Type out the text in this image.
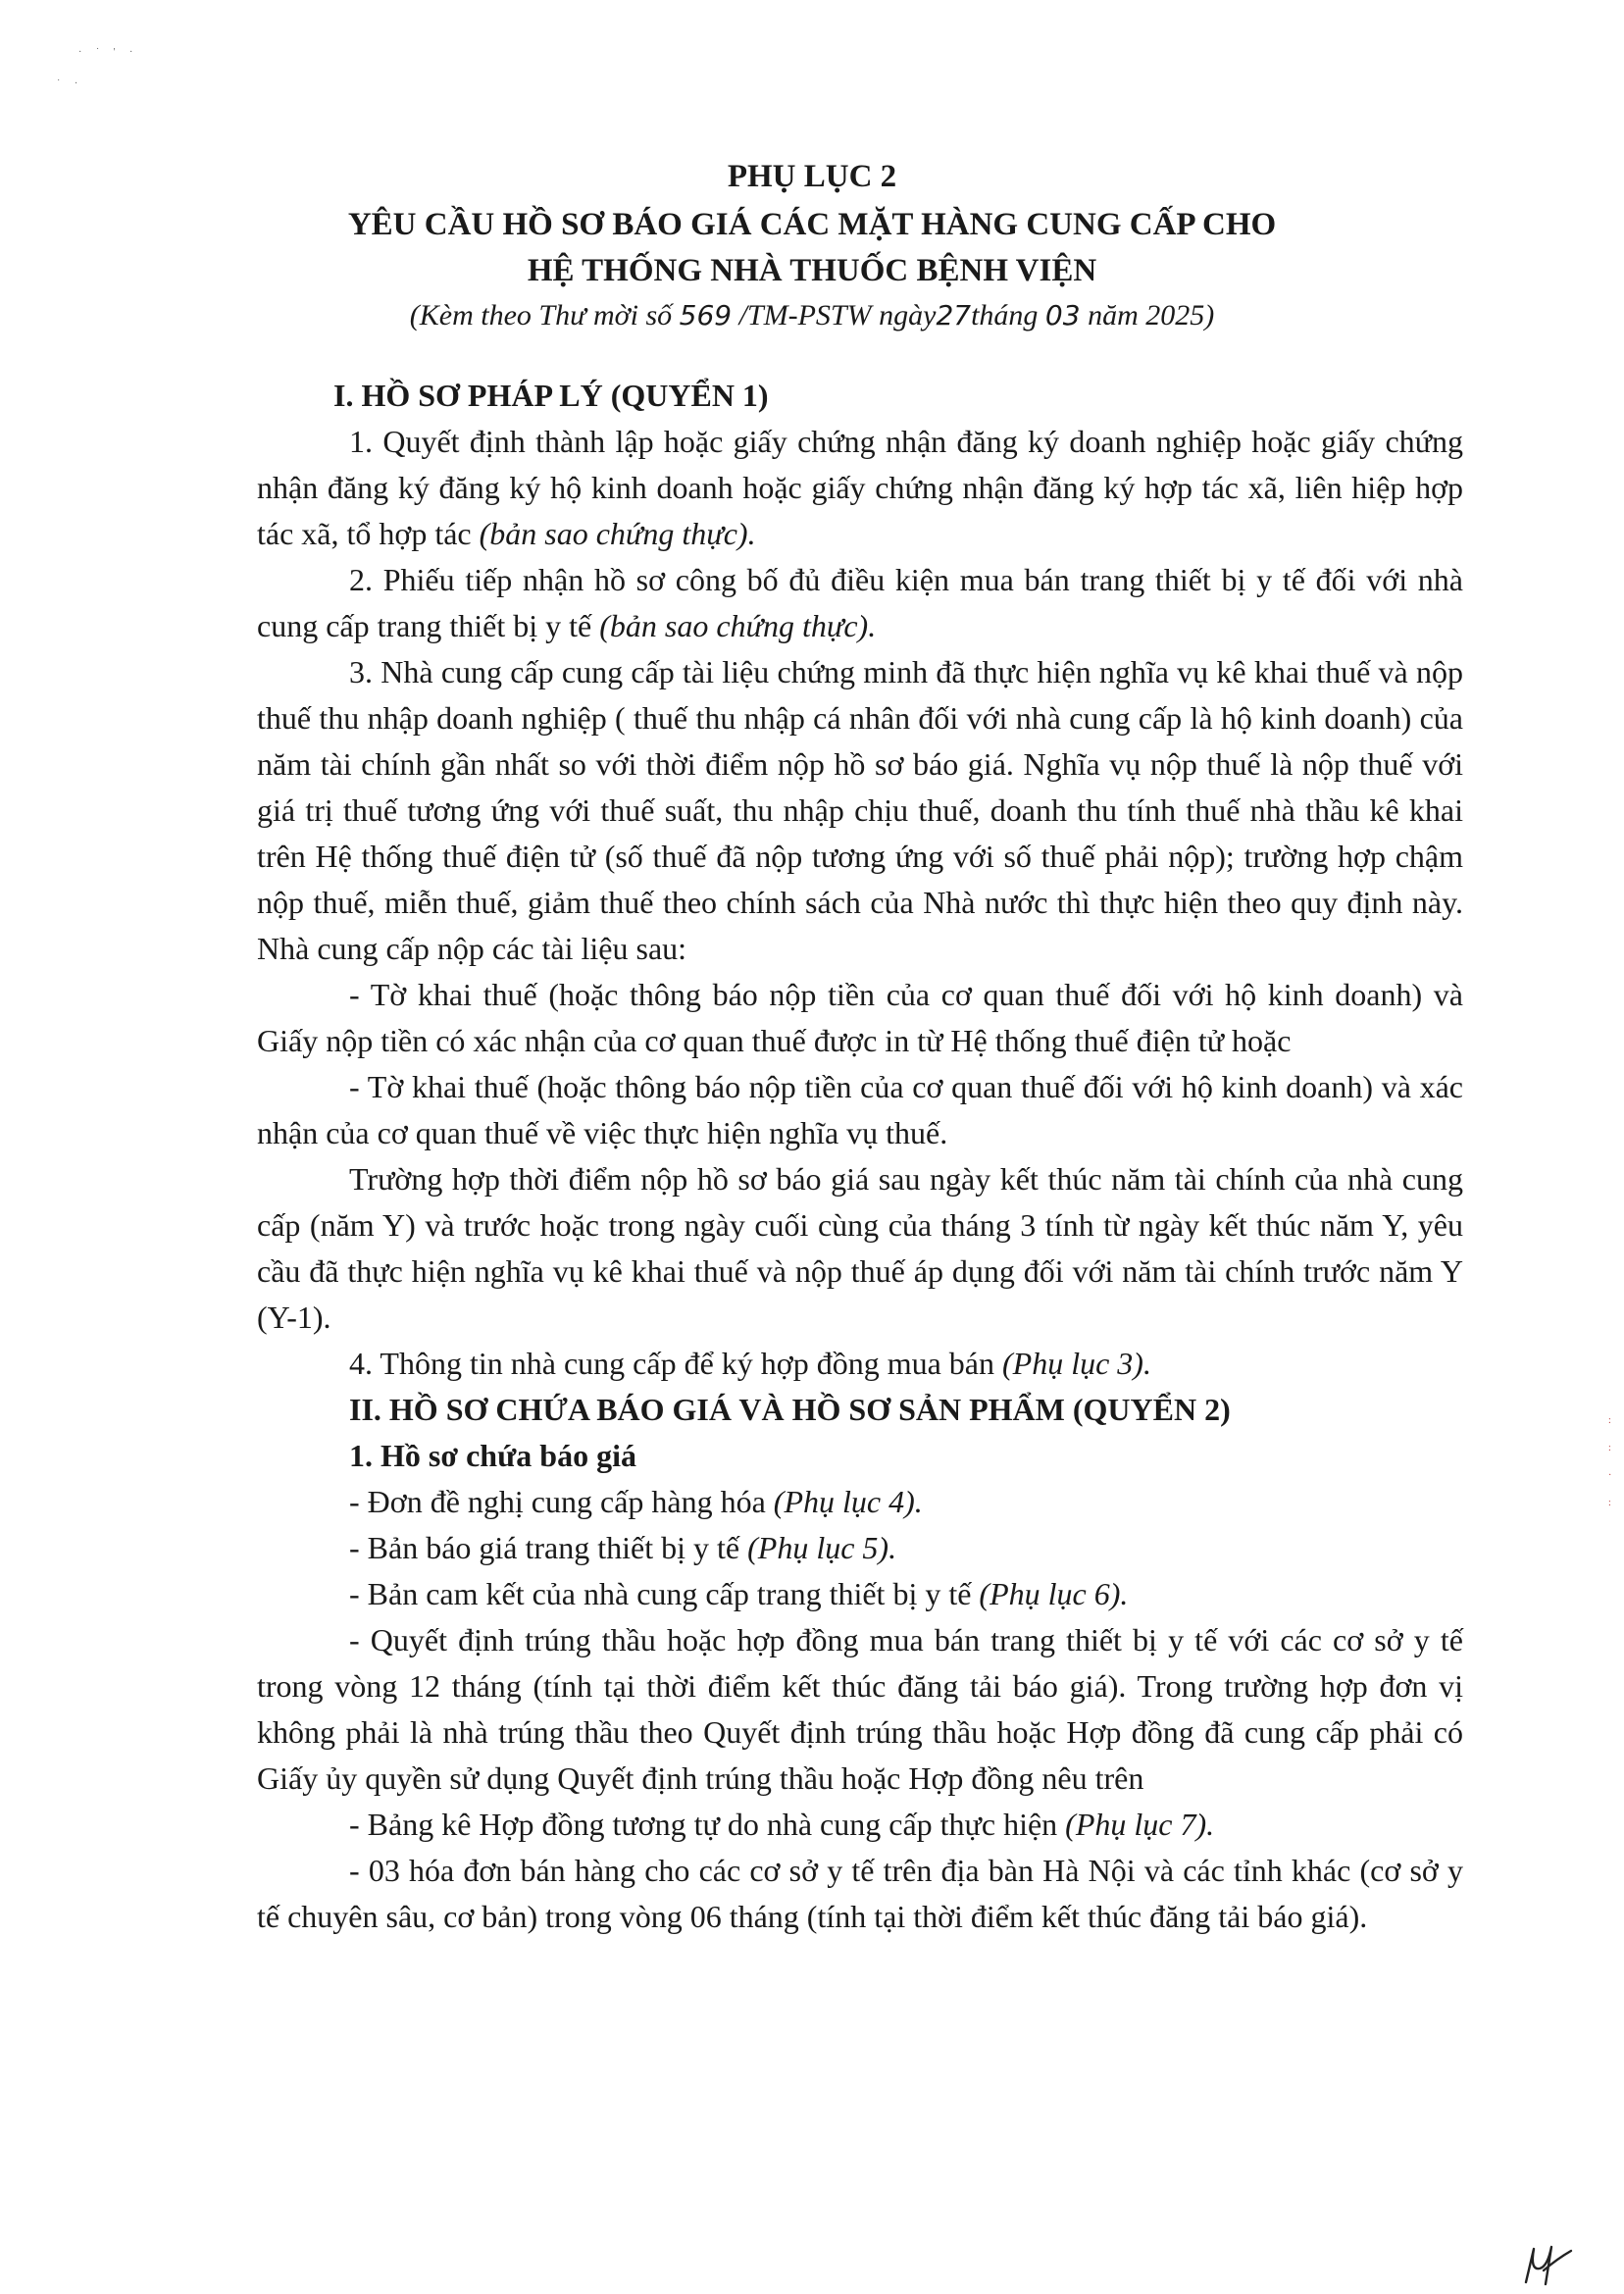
· ˙ ' ·
˙ ·
:
:
·
:
PHỤ LỤC 2
YÊU CẦU HỒ SƠ BÁO GIÁ CÁC MẶT HÀNG CUNG CẤP CHO
HỆ THỐNG NHÀ THUỐC BỆNH VIỆN
(Kèm theo Thư mời số 569 /TM-PSTW ngày27tháng 03 năm 2025)

I. HỒ SƠ PHÁP LÝ (QUYỂN 1)

1. Quyết định thành lập hoặc giấy chứng nhận đăng ký doanh nghiệp hoặc giấy chứng nhận đăng ký đăng ký hộ kinh doanh hoặc giấy chứng nhận đăng ký hợp tác xã, liên hiệp hợp tác xã, tổ hợp tác (bản sao chứng thực).

2. Phiếu tiếp nhận hồ sơ công bố đủ điều kiện mua bán trang thiết bị y tế đối với nhà cung cấp trang thiết bị y tế (bản sao chứng thực).

3. Nhà cung cấp cung cấp tài liệu chứng minh đã thực hiện nghĩa vụ kê khai thuế và nộp thuế thu nhập doanh nghiệp ( thuế thu nhập cá nhân đối với nhà cung cấp là hộ kinh doanh) của năm tài chính gần nhất so với thời điểm nộp hồ sơ báo giá. Nghĩa vụ nộp thuế là nộp thuế với giá trị thuế tương ứng với thuế suất, thu nhập chịu thuế, doanh thu tính thuế nhà thầu kê khai trên Hệ thống thuế điện tử (số thuế đã nộp tương ứng với số thuế phải nộp); trường hợp chậm nộp thuế, miễn thuế, giảm thuế theo chính sách của Nhà nước thì thực hiện theo quy định này. Nhà cung cấp nộp các tài liệu sau:

- Tờ khai thuế (hoặc thông báo nộp tiền của cơ quan thuế đối với hộ kinh doanh) và Giấy nộp tiền có xác nhận của cơ quan thuế được in từ Hệ thống thuế điện tử hoặc

- Tờ khai thuế (hoặc thông báo nộp tiền của cơ quan thuế đối với hộ kinh doanh) và xác nhận của cơ quan thuế về việc thực hiện nghĩa vụ thuế.

Trường hợp thời điểm nộp hồ sơ báo giá sau ngày kết thúc năm tài chính của nhà cung cấp (năm Y) và trước hoặc trong ngày cuối cùng của tháng 3 tính từ ngày kết thúc năm Y, yêu cầu đã thực hiện nghĩa vụ kê khai thuế và nộp thuế áp dụng đối với năm tài chính trước năm Y (Y-1).

4. Thông tin nhà cung cấp để ký hợp đồng mua bán (Phụ lục 3).

II. HỒ SƠ CHỨA BÁO GIÁ VÀ HỒ SƠ SẢN PHẨM (QUYỂN 2)

1. Hồ sơ chứa báo giá

- Đơn đề nghị cung cấp hàng hóa (Phụ lục 4).

- Bản báo giá trang thiết bị y tế (Phụ lục 5).

- Bản cam kết của nhà cung cấp trang thiết bị y tế (Phụ lục 6).

- Quyết định trúng thầu hoặc hợp đồng mua bán trang thiết bị y tế với các cơ sở y tế trong vòng 12 tháng (tính tại thời điểm kết thúc đăng tải báo giá). Trong trường hợp đơn vị không phải là nhà trúng thầu theo Quyết định trúng thầu hoặc Hợp đồng đã cung cấp phải có Giấy ủy quyền sử dụng Quyết định trúng thầu hoặc Hợp đồng nêu trên

- Bảng kê Hợp đồng tương tự do nhà cung cấp thực hiện (Phụ lục 7).

- 03 hóa đơn bán hàng cho các cơ sở y tế trên địa bàn Hà Nội và các tỉnh khác (cơ sở y tế chuyên sâu, cơ bản) trong vòng 06 tháng (tính tại thời điểm kết thúc đăng tải báo giá).
